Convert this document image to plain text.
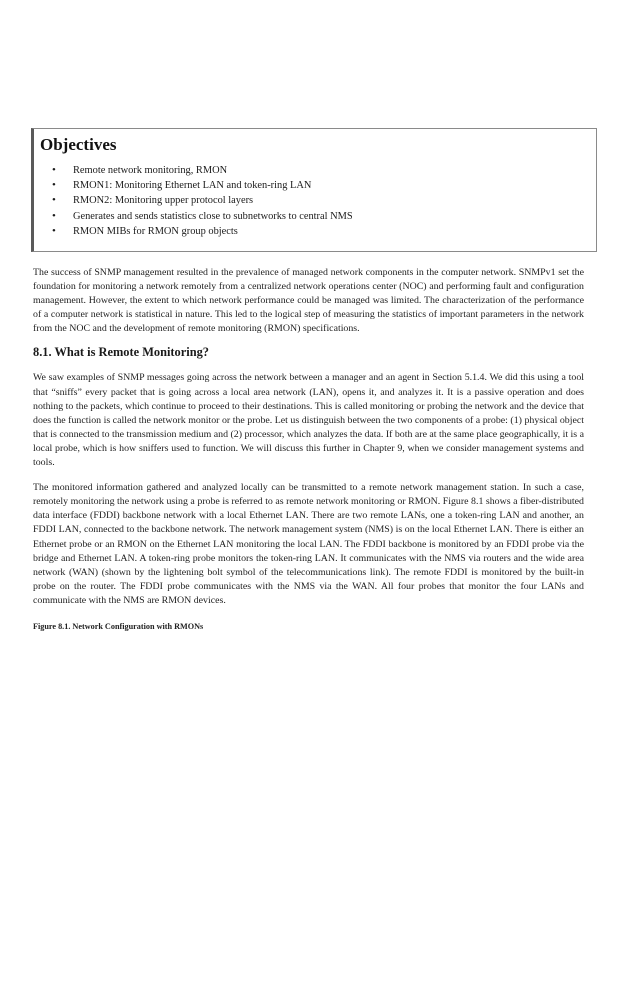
Objectives
• Remote network monitoring, RMON
• RMON1: Monitoring Ethernet LAN and token-ring LAN
• RMON2: Monitoring upper protocol layers
• Generates and sends statistics close to subnetworks to central NMS
• RMON MIBs for RMON group objects

The success of SNMP management resulted in the prevalence of managed network components in the computer network. SNMPv1 set the foundation for monitoring a network remotely from a centralized network operations center (NOC) and performing fault and configuration management. However, the extent to which network performance could be managed was limited. The characterization of the performance of a computer network is statistical in nature. This led to the logical step of measuring the statistics of important parameters in the network from the NOC and the development of remote monitoring (RMON) specifications.

8.1. What is Remote Monitoring?

We saw examples of SNMP messages going across the network between a manager and an agent in Section 5.1.4. We did this using a tool that “sniffs” every packet that is going across a local area network (LAN), opens it, and analyzes it. It is a passive operation and does nothing to the packets, which continue to proceed to their destinations. This is called monitoring or probing the network and the device that does the function is called the network monitor or the probe. Let us distinguish between the two components of a probe: (1) physical object that is connected to the transmission medium and (2) processor, which analyzes the data. If both are at the same place geographically, it is a local probe, which is how sniffers used to function. We will discuss this further in Chapter 9, when we consider management systems and tools.

The monitored information gathered and analyzed locally can be transmitted to a remote network management station. In such a case, remotely monitoring the network using a probe is referred to as remote network monitoring or RMON. Figure 8.1 shows a fiber-distributed data interface (FDDI) backbone network with a local Ethernet LAN. There are two remote LANs, one a token-ring LAN and another, an FDDI LAN, connected to the backbone network. The network management system (NMS) is on the local Ethernet LAN. There is either an Ethernet probe or an RMON on the Ethernet LAN monitoring the local LAN. The FDDI backbone is monitored by an FDDI probe via the bridge and Ethernet LAN. A token-ring probe monitors the token-ring LAN. It communicates with the NMS via routers and the wide area network (WAN) (shown by the lightening bolt symbol of the telecommunications link). The remote FDDI is monitored by the built-in probe on the router. The FDDI probe communicates with the NMS via the WAN. All four probes that monitor the four LANs and communicate with the NMS are RMON devices.

Figure 8.1. Network Configuration with RMONs
